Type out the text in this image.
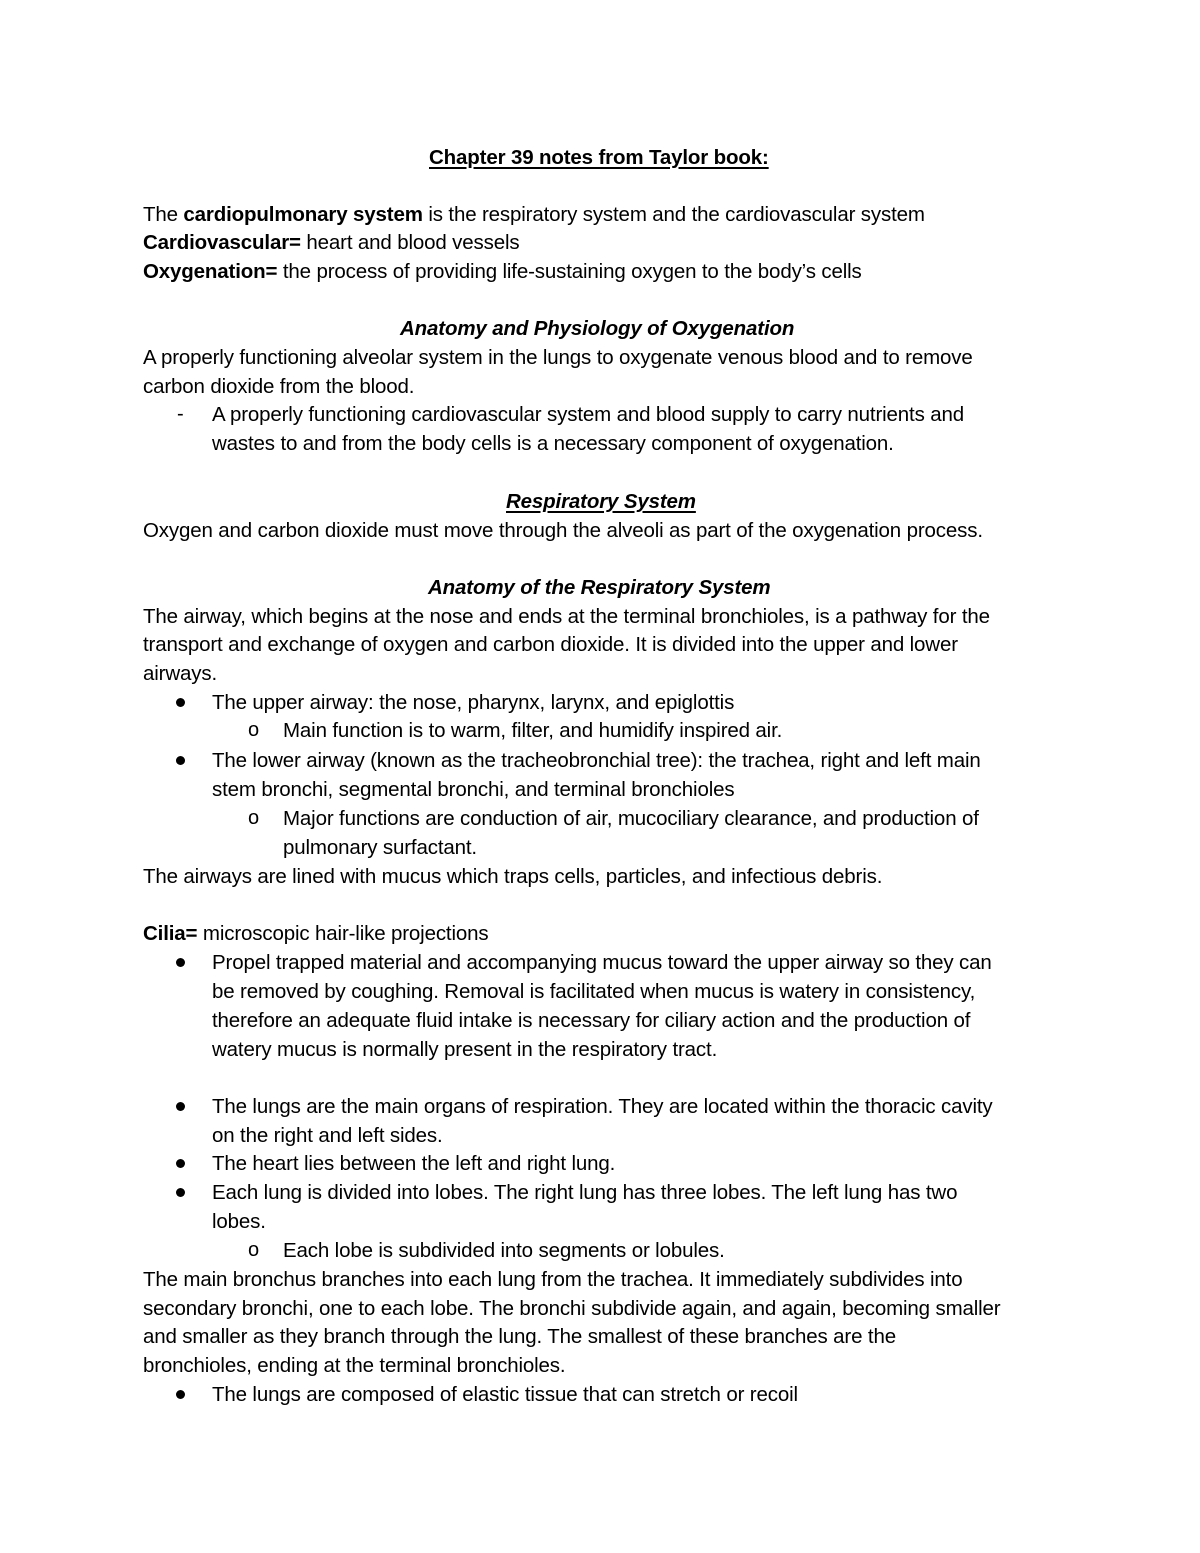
Chapter 39 notes from Taylor book:
The cardiopulmonary system is the respiratory system and the cardiovascular system
Cardiovascular= heart and blood vessels
Oxygenation= the process of providing life-sustaining oxygen to the body’s cells
Anatomy and Physiology of Oxygenation
A properly functioning alveolar system in the lungs to oxygenate venous blood and to remove
carbon dioxide from the blood.
- A properly functioning cardiovascular system and blood supply to carry nutrients and
wastes to and from the body cells is a necessary component of oxygenation.
Respiratory System
Oxygen and carbon dioxide must move through the alveoli as part of the oxygenation process.
Anatomy of the Respiratory System
The airway, which begins at the nose and ends at the terminal bronchioles, is a pathway for the
transport and exchange of oxygen and carbon dioxide. It is divided into the upper and lower
airways.
The upper airway: the nose, pharynx, larynx, and epiglottis
o Main function is to warm, filter, and humidify inspired air.
The lower airway (known as the tracheobronchial tree): the trachea, right and left main
stem bronchi, segmental bronchi, and terminal bronchioles
o Major functions are conduction of air, mucociliary clearance, and production of
pulmonary surfactant.
The airways are lined with mucus which traps cells, particles, and infectious debris.
Cilia= microscopic hair-like projections
Propel trapped material and accompanying mucus toward the upper airway so they can
be removed by coughing. Removal is facilitated when mucus is watery in consistency,
therefore an adequate fluid intake is necessary for ciliary action and the production of
watery mucus is normally present in the respiratory tract.
The lungs are the main organs of respiration. They are located within the thoracic cavity
on the right and left sides.
The heart lies between the left and right lung.
Each lung is divided into lobes. The right lung has three lobes. The left lung has two
lobes.
o Each lobe is subdivided into segments or lobules.
The main bronchus branches into each lung from the trachea. It immediately subdivides into
secondary bronchi, one to each lobe. The bronchi subdivide again, and again, becoming smaller
and smaller as they branch through the lung. The smallest of these branches are the
bronchioles, ending at the terminal bronchioles.
The lungs are composed of elastic tissue that can stretch or recoil
